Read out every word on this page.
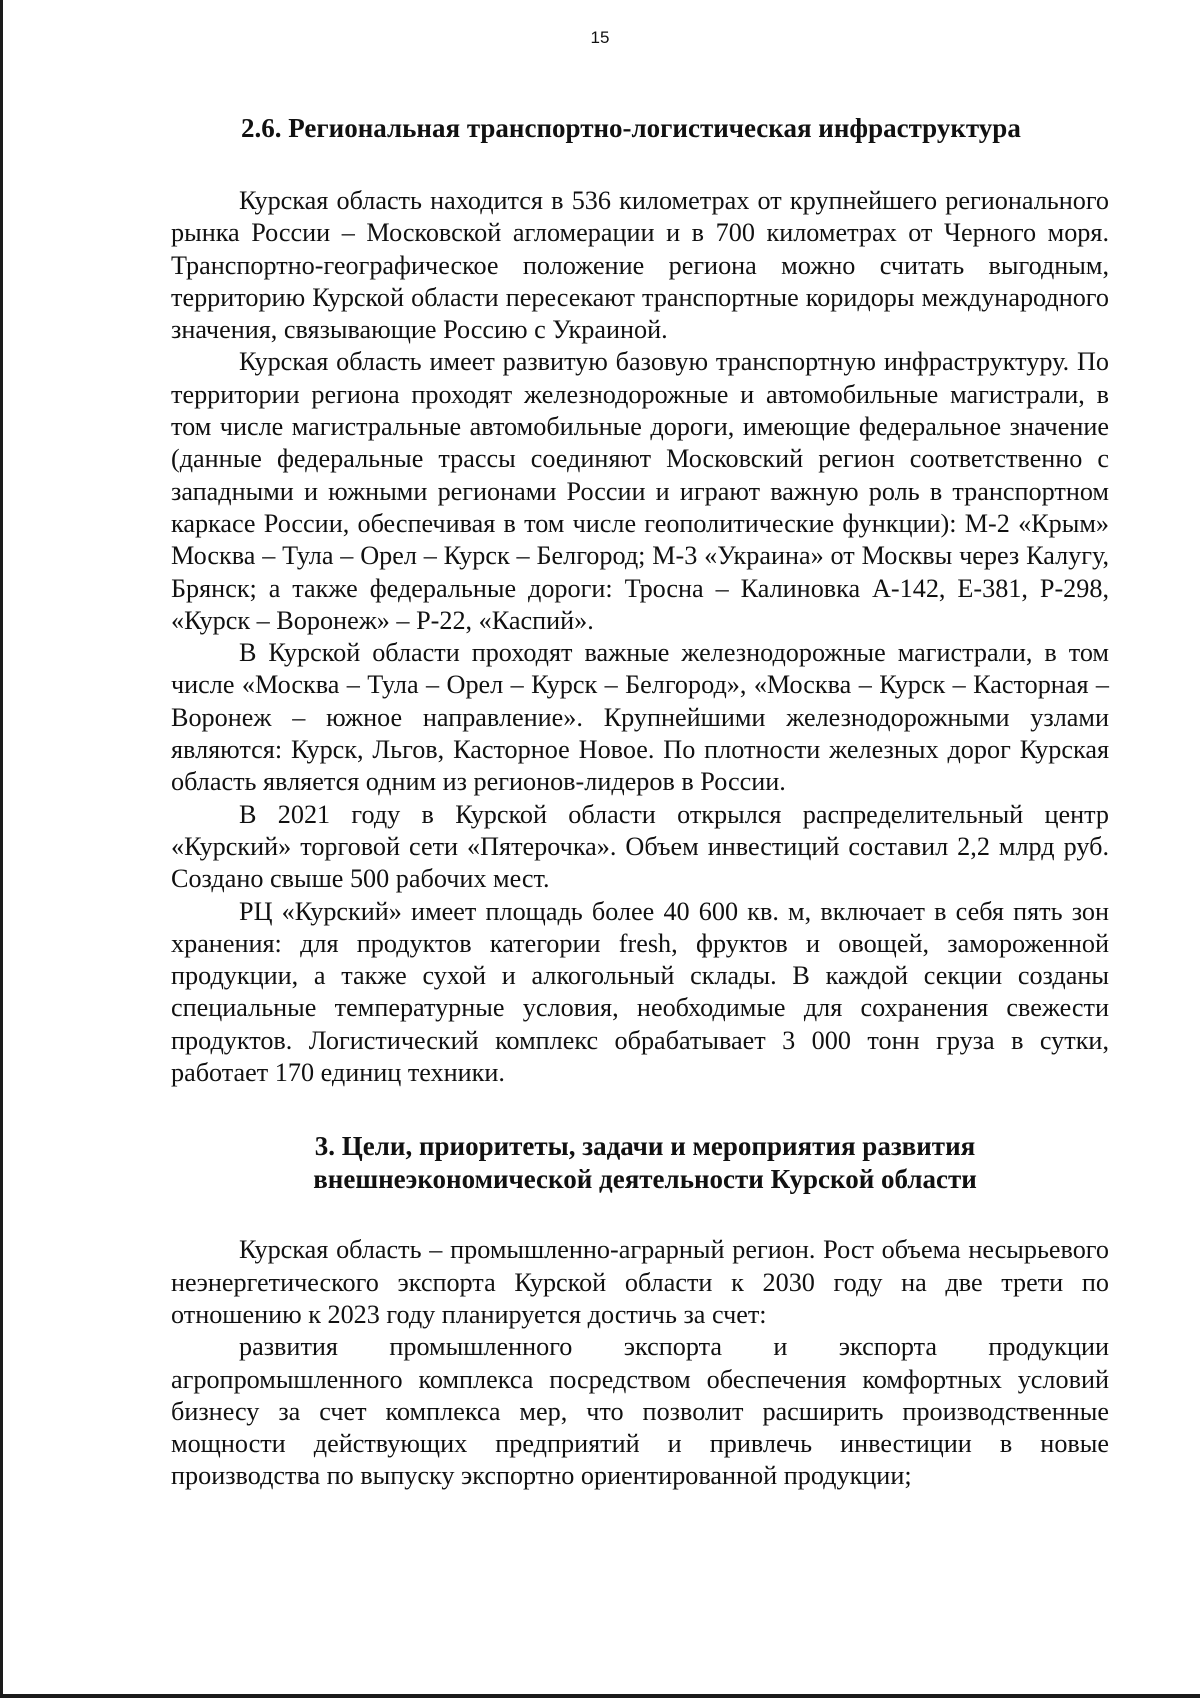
15
2.6. Региональная транспортно-логистическая инфраструктура

Курская область находится в 536 километрах от крупнейшего регионального рынка России – Московской агломерации и в 700 километрах от Черного моря. Транспортно-географическое положение региона можно считать выгодным, территорию Курской области пересекают транспортные коридоры международного значения, связывающие Россию с Украиной.

Курская область имеет развитую базовую транспортную инфраструктуру. По территории региона проходят железнодорожные и автомобильные магистрали, в том числе магистральные автомобильные дороги, имеющие федеральное значение (данные федеральные трассы соединяют Московский регион соответственно с западными и южными регионами России и играют важную роль в транспортном каркасе России, обеспечивая в том числе геополитические функции): М-2 «Крым» Москва – Тула – Орел – Курск – Белгород; М-3 «Украина» от Москвы через Калугу, Брянск; а также федеральные дороги: Тросна – Калиновка А-142, Е-381, Р-298, «Курск – Воронеж» – Р-22, «Каспий».

В Курской области проходят важные железнодорожные магистрали, в том числе «Москва – Тула – Орел – Курск – Белгород», «Москва – Курск – Касторная – Воронеж – южное направление». Крупнейшими железнодорожными узлами являются: Курск, Льгов, Касторное Новое. По плотности железных дорог Курская область является одним из регионов-лидеров в России.

В 2021 году в Курской области открылся распределительный центр «Курский» торговой сети «Пятерочка». Объем инвестиций составил 2,2 млрд руб. Создано свыше 500 рабочих мест.

РЦ «Курский» имеет площадь более 40 600 кв. м, включает в себя пять зон хранения: для продуктов категории fresh, фруктов и овощей, замороженной продукции, а также сухой и алкогольный склады. В каждой секции созданы специальные температурные условия, необходимые для сохранения свежести продуктов. Логистический комплекс обрабатывает 3 000 тонн груза в сутки, работает 170 единиц техники.

3. Цели, приоритеты, задачи и мероприятия развития
внешнеэкономической деятельности Курской области

Курская область – промышленно-аграрный регион. Рост объема несырьевого неэнергетического экспорта Курской области к 2030 году на две трети по отношению к 2023 году планируется достичь за счет:

развития промышленного экспорта и экспорта продукции агропромышленного комплекса посредством обеспечения комфортных условий бизнесу за счет комплекса мер, что позволит расширить производственные мощности действующих предприятий и привлечь инвестиции в новые производства по выпуску экспортно ориентированной продукции;
